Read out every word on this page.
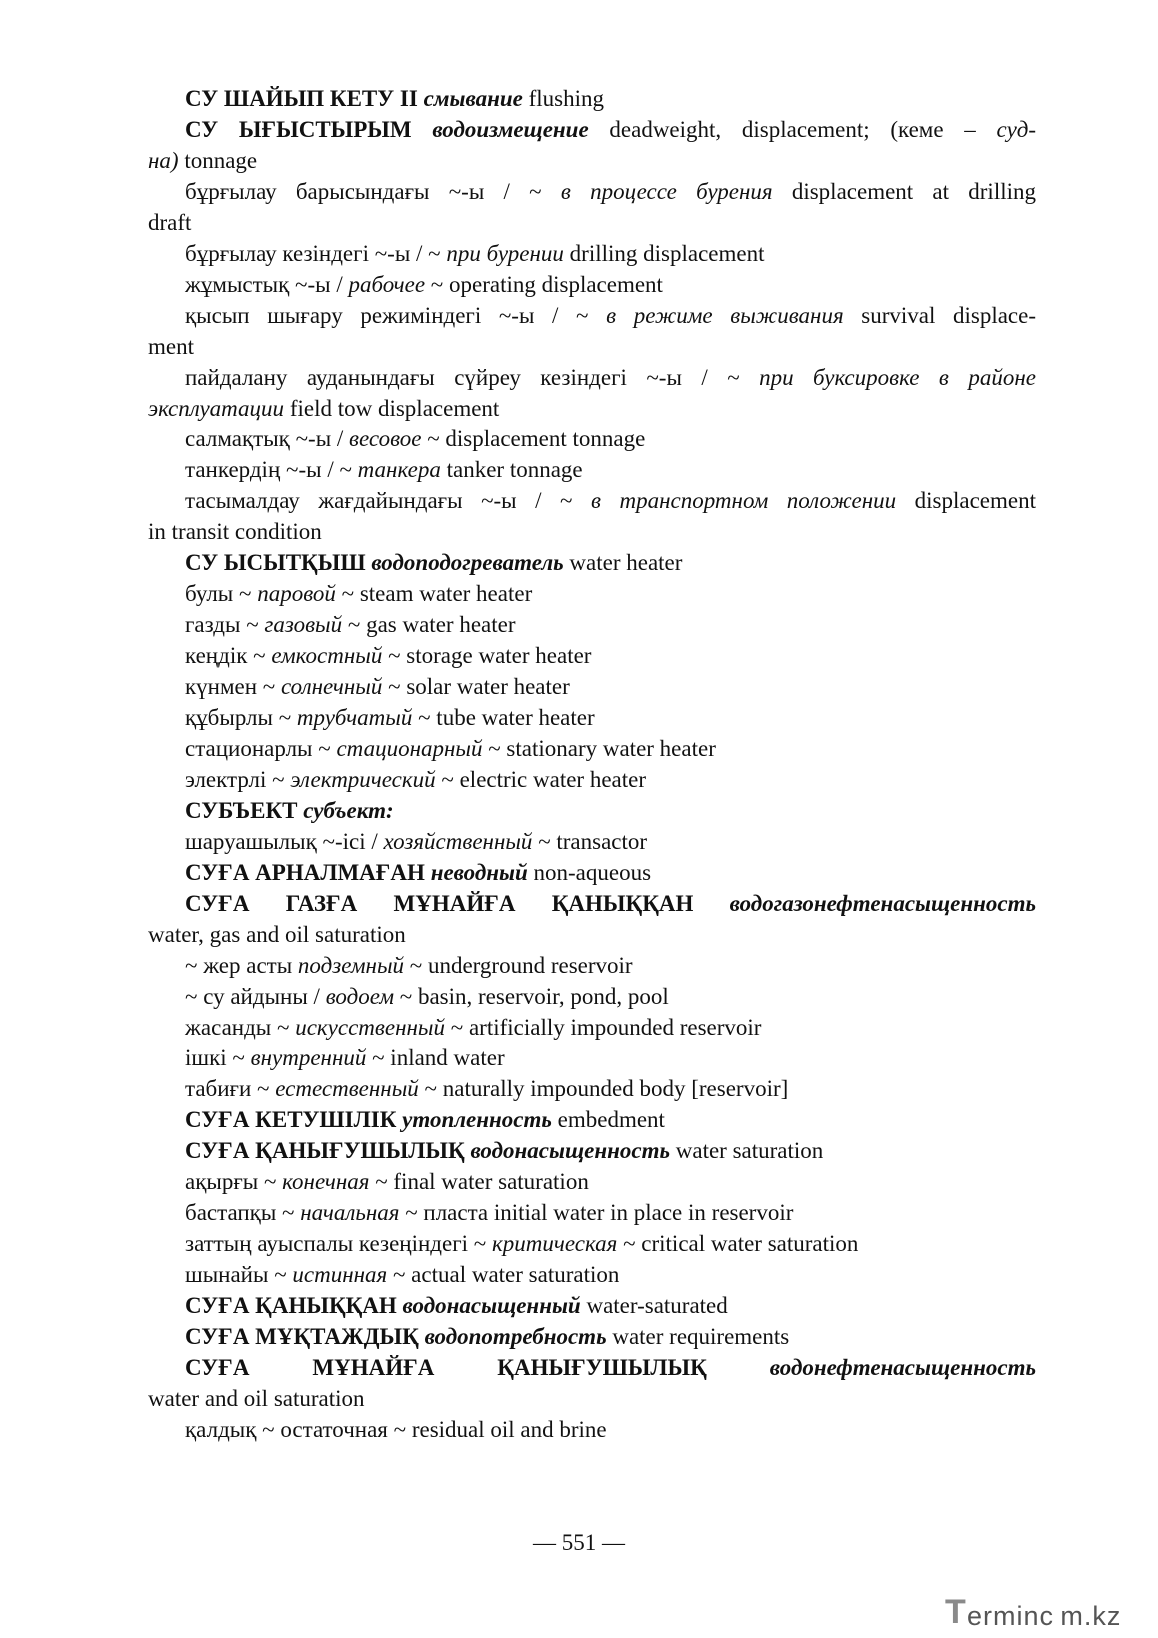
СУ ШАЙЫП КЕТУ II смывание flushing
СУ ЫҒЫСТЫРЫМ водоизмещение deadweight, displacement; (кеме – суд-
на) tonnage
бұрғылау барысындағы ~-ы / ~ в процессе бурения displacement at drilling
draft
бұрғылау кезіндегі ~-ы / ~ при бурении drilling displacement
жұмыстық ~-ы / рабочее ~ operating displacement
қысып шығару режиміндегі ~-ы / ~ в режиме выживания survival displace-
ment
пайдалану ауданындағы сүйреу кезіндегі ~-ы / ~ при буксировке в районе
эксплуатации field tow displacement
салмақтық ~-ы / весовое ~ displacement tonnage
танкердің ~-ы / ~ танкера tanker tonnage
тасымалдау жағдайындағы ~-ы / ~ в транспортном положении displacement
in transit condition
СУ ЫСЫТҚЫШ водоподогреватель water heater
булы ~ паровой ~ steam water heater
газды ~ газовый ~ gas water heater
кеңдік ~ емкостный ~ storage water heater
күнмен ~ солнечный ~ solar water heater
құбырлы ~ трубчатый ~ tube water heater
стационарлы ~ стационарный ~ stationary water heater
электрлі ~ электрический ~ electric water heater
СУБЪЕКТ субъект:
шаруашылық ~-ісі / хозяйственный ~ transactor
СУҒА АРНАЛМАҒАН неводный non-aqueous
СУҒА ГАЗҒА МҰНАЙҒА ҚАНЫҚҚАН водогазонефтенасыщенность
water, gas and oil saturation
~ жер асты подземный ~ underground reservoir
~ су айдыны / водоем ~ basin, reservoir, pond, pool
жасанды ~ искусственный ~ artificially impounded reservoir
ішкі ~ внутренний ~ inland water
табиғи ~ естественный ~ naturally impounded body [reservoir]
СУҒА КЕТУШІЛІК утопленность embedment
СУҒА ҚАНЫҒУШЫЛЫҚ водонасыщенность water saturation
ақырғы ~ конечная ~ final water saturation
бастапқы ~ начальная ~ пласта initial water in place in reservoir
заттың ауыспалы кезеңіндегі ~ критическая ~ critical water saturation
шынайы ~ истинная ~ actual water saturation
СУҒА ҚАНЫҚҚАН водонасыщенный water-saturated
СУҒА МҰҚТАЖДЫҚ водопотребность water requirements
СУҒА МҰНАЙҒА ҚАНЫҒУШЫЛЫҚ водонефтенасыщенность
water and oil saturation
қалдық ~ остаточная ~ residual oil and brine
— 551 —
T erminc m.kz
